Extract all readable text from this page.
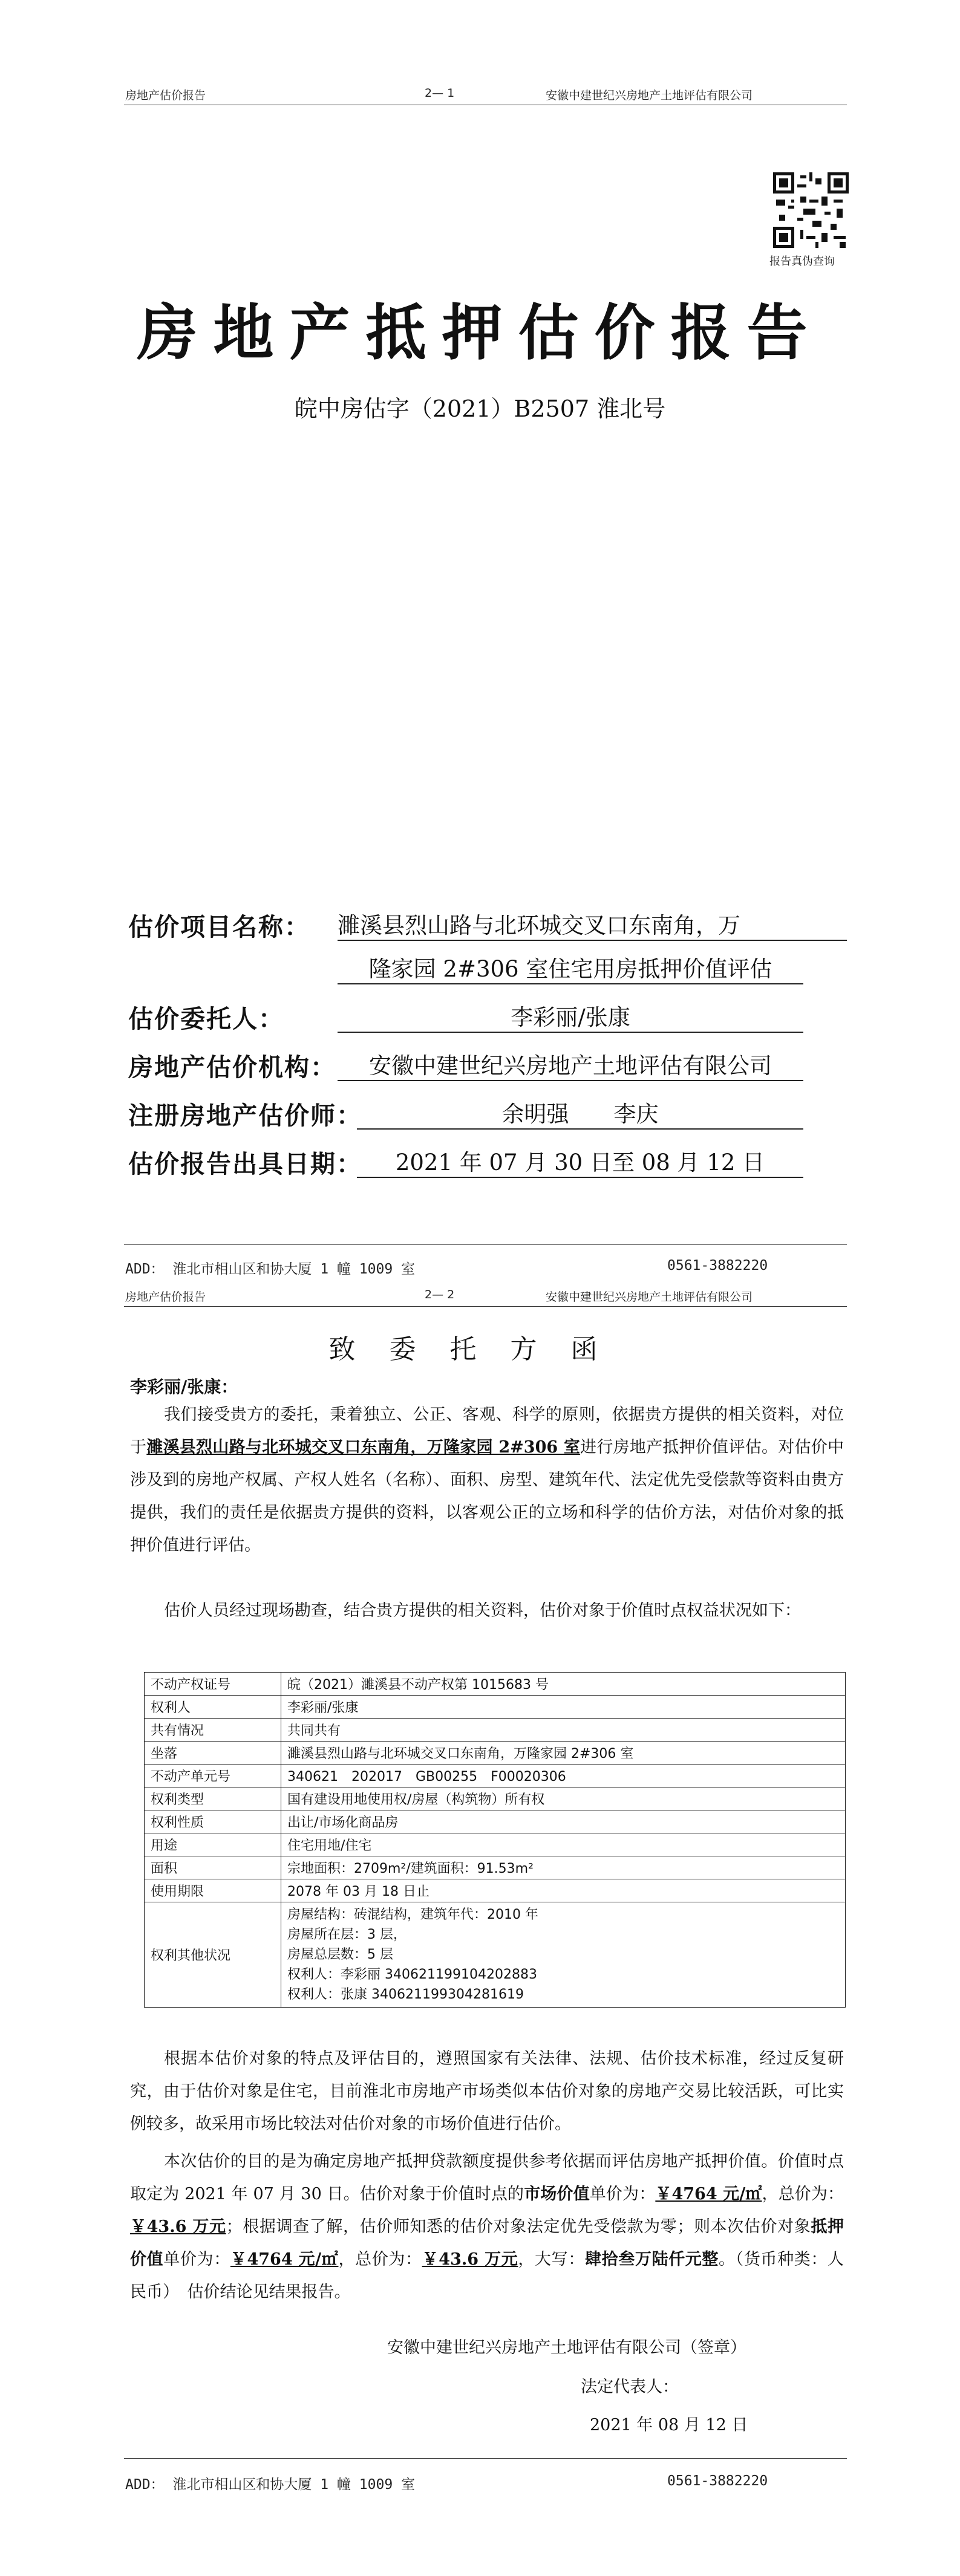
房地产估价报告	2— 1	安徽中建世纪兴房地产土地评估有限公司
报告真伪查询
房地产抵押估价报告
皖中房估字（2021）B2507 淮北号
估价项目名称： 濉溪县烈山路与北环城交叉口东南角，万
隆家园 2#306 室住宅用房抵押价值评估
估价委托人：	李彩丽/张康
房地产估价机构：	安徽中建世纪兴房地产土地评估有限公司
注册房地产估价师：	余明强　　李庆
估价报告出具日期：	2021 年 07 月 30 日至 08 月 12 日
ADD： 淮北市相山区和协大厦 1 幢 1009 室	0561-3882220
房地产估价报告	2— 2	安徽中建世纪兴房地产土地评估有限公司
致委托方函
李彩丽/张康：
我们接受贵方的委托，秉着独立、公正、客观、科学的原则，依据贵方提供的相关资料，对位于濉溪县烈山路与北环城交叉口东南角，万隆家园 2#306 室进行房地产抵押价值评估。对估价中涉及到的房地产权属、产权人姓名（名称）、面积、房型、建筑年代、法定优先受偿款等资料由贵方提供，我们的责任是依据贵方提供的资料，以客观公正的立场和科学的估价方法，对估价对象的抵押价值进行评估。
估价人员经过现场勘查，结合贵方提供的相关资料，估价对象于价值时点权益状况如下：
不动产权证号	皖（2021）濉溪县不动产权第 1015683 号
权利人	李彩丽/张康
共有情况	共同共有
坐落	濉溪县烈山路与北环城交叉口东南角，万隆家园 2#306 室
不动产单元号	340621　202017　GB00255　F00020306
权利类型	国有建设用地使用权/房屋（构筑物）所有权
权利性质	出让/市场化商品房
用途	住宅用地/住宅
面积	宗地面积：2709m²/建筑面积：91.53m²
使用期限	2078 年 03 月 18 日止
权利其他状况	房屋结构：砖混结构，建筑年代：2010 年
房屋所在层：3 层，
房屋总层数：5 层
权利人：李彩丽 340621199104202883
权利人：张康 340621199304281619
根据本估价对象的特点及评估目的，遵照国家有关法律、法规、估价技术标准，经过反复研究，由于估价对象是住宅，目前淮北市房地产市场类似本估价对象的房地产交易比较活跃，可比实例较多，故采用市场比较法对估价对象的市场价值进行估价。
本次估价的目的是为确定房地产抵押贷款额度提供参考依据而评估房地产抵押价值。价值时点取定为 2021 年 07 月 30 日。估价对象于价值时点的市场价值单价为：￥4764 元/㎡，总价为：￥43.6 万元；根据调查了解，估价师知悉的估价对象法定优先受偿款为零；则本次估价对象抵押价值单价为：￥4764 元/㎡，总价为：￥43.6 万元，大写：肆拾叁万陆仟元整。（货币种类：人民币）　估价结论见结果报告。
安徽中建世纪兴房地产土地评估有限公司（签章）
法定代表人：
2021 年 08 月 12 日
ADD： 淮北市相山区和协大厦 1 幢 1009 室	0561-3882220
